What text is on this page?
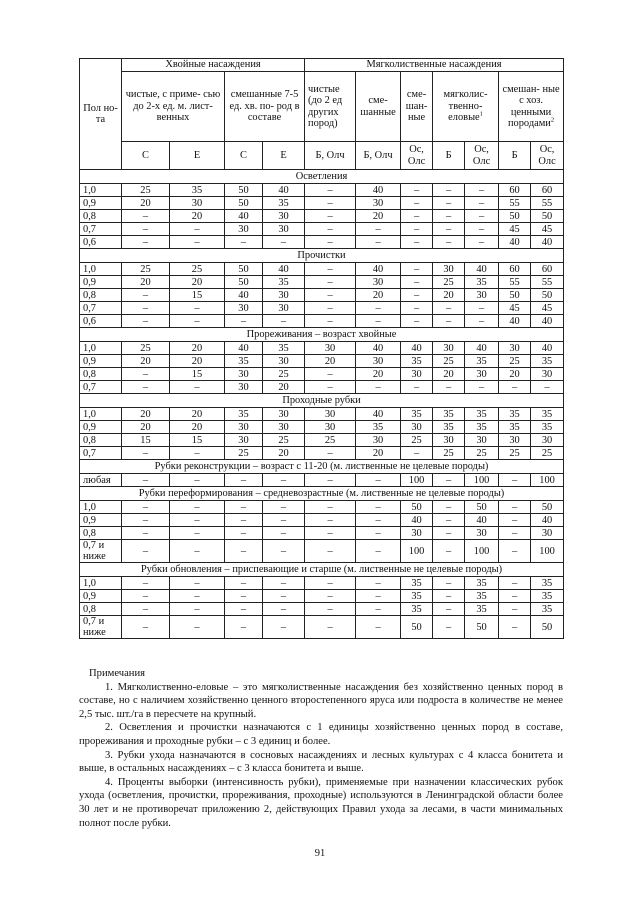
Пол но- та	Хвойные насаждения				Мягколиственные насаждения						
	чистые, с приме- сью до 2-х ед. м. лист- венных		смешанные 7-5 ед. хв. по- род в составе		чистые (до 2 ед других пород)	сме- шанные	сме- шан- ные	мягколис- твенно- еловые$^1$		смешан- ные с хоз. ценными породами$^2$
	С	Е	С	Е	Б, Олч	Б, Олч	Ос, Олс	Б	Ос, Олс	Б	Ос, Олс
Осветления											
1,0	25	35	50	40	–	40	–	–	–	60	60
0,9	20	30	50	35	–	30	–	–	–	55	55
0,8	–	20	40	30	–	20	–	–	–	50	50
0,7	–	–	30	30	–	–	–	–	–	45	45
0,6	–	–	–	–	–	–	–	–	–	40	40
Прочистки											
1,0	25	25	50	40	–	40	–	30	40	60	60
0,9	20	20	50	35	–	30	–	25	35	55	55
0,8	–	15	40	30	–	20	–	20	30	50	50
0,7	–	–	30	30	–	–	–	–	–	45	45
0,6	–	–	–	–	–	–	–	–	–	40	40
Прореживания – возраст хвойные											
1,0	25	20	40	35	30	40	40	30	40	30	40
0,9	20	20	35	30	20	30	35	25	35	25	35
0,8	–	15	30	25	–	20	30	20	30	20	30
0,7	–	–	30	20	–	–	–	–	–	–	–
Проходные рубки											
1,0	20	20	35	30	30	40	35	35	35	35	35
0,9	20	20	30	30	30	35	30	35	35	35	35
0,8	15	15	30	25	25	30	25	30	30	30	30
0,7	–	–	25	20	–	20	–	25	25	25	25
Рубки реконструкции – возраст с 11-20 (м. лиственные не целевые породы)											
любая	–	–	–	–	–	–	100	–	100	–	100
Рубки переформирования – средневозрастные (м. лиственные не целевые породы)											
1,0	–	–	–	–	–	–	50	–	50	–	50
0,9	–	–	–	–	–	–	40	–	40	–	40
0,8	–	–	–	–	–	–	30	–	30	–	30
0,7 и ниже	–	–	–	–	–	–	100	–	100	–	100
Рубки обновления – приспевающие и старше (м. лиственные не целевые породы)											
1,0	–	–	–	–	–	–	35	–	35	–	35
0,9	–	–	–	–	–	–	35	–	35	–	35
0,8	–	–	–	–	–	–	35	–	35	–	35
0,7 и ниже	–	–	–	–	–	–	50	–	50	–	50

Примечания

1. Мягколиственно-еловые – это мягколиственные насаждения без хозяйственно ценных пород в составе, но с наличием хозяйственно ценного второстепенного яруса или подроста в количестве не менее 2,5 тыс. шт./га в пересчете на крупный.

2. Осветления и прочистки назначаются с 1 единицы хозяйственно ценных пород в составе, прореживания и проходные рубки – с 3 единиц и более.

3. Рубки ухода назначаются в сосновых насаждениях и лесных культурах с 4 класса бонитета и выше, в остальных насаждениях – с 3 класса бонитета и выше.

4. Проценты выборки (интенсивность рубки), применяемые при назначении классических рубок ухода (осветления, прочистки, прореживания, проходные) используются в Ленинградской области более 30 лет и не противоречат приложению 2, действующих Правил ухода за лесами, в части минимальных полнот после рубки.

91
